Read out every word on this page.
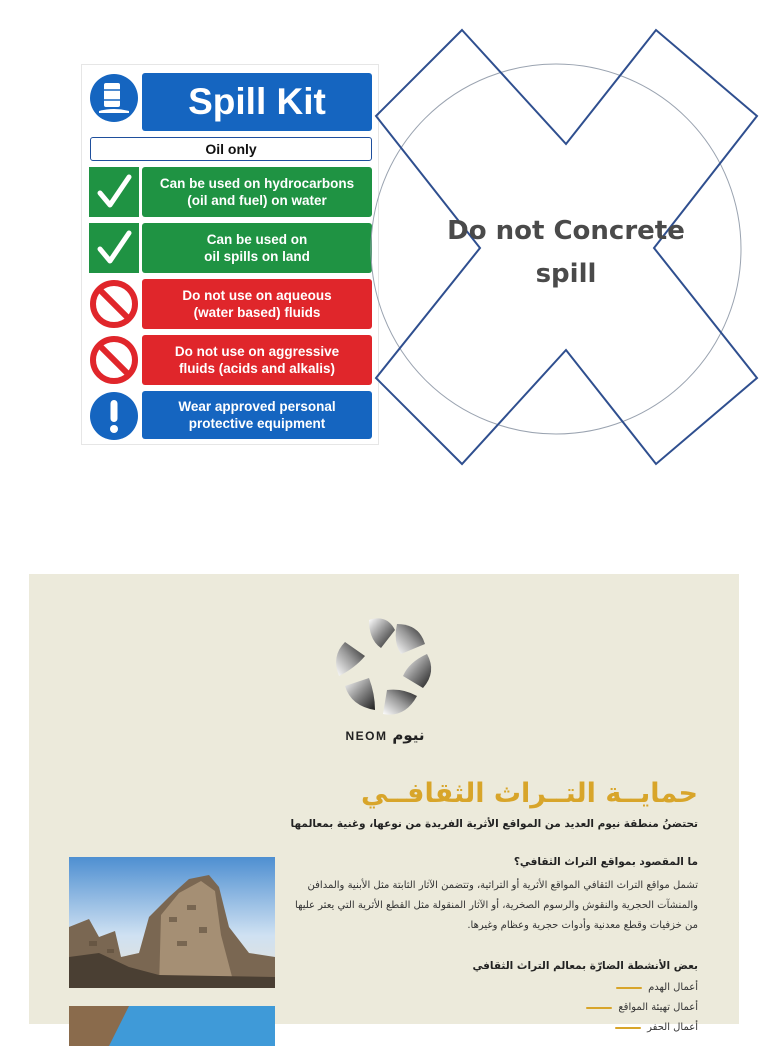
Spill Kit
Oil only
Can be used on hydrocarbons
(oil and fuel) on water
Can be used on
oil spills on land
Do not use on aqueous
(water based) fluids
Do not use on aggressive
fluids (acids and alkalis)
Wear approved personal
protective equipment
Do not Concrete
spill
NEOM نيوم
حمايــة التــراث الثقافــي
تحتضنُ منطقة نيوم العديد من المواقع الأثرية الفريدة من نوعها، وغنية بمعالمها
ما المقصود بمواقع التراث الثقافي؟
تشمل مواقع التراث الثقافي المواقع الأثرية أو التراثية، وتتضمن الآثار الثابتة مثل الأبنية والمدافن والمنشآت الحجرية والنقوش والرسوم الصخرية، أو الآثار المنقولة مثل القطع الأثرية التي يعثر عليها من خزفيات وقطع معدنية وأدوات حجرية وعظام وغيرها.
بعض الأنشطة الضارّة بمعالم التراث الثقافي
أعمال الهدم
أعمال تهيئة المواقع
أعمال الحفر
